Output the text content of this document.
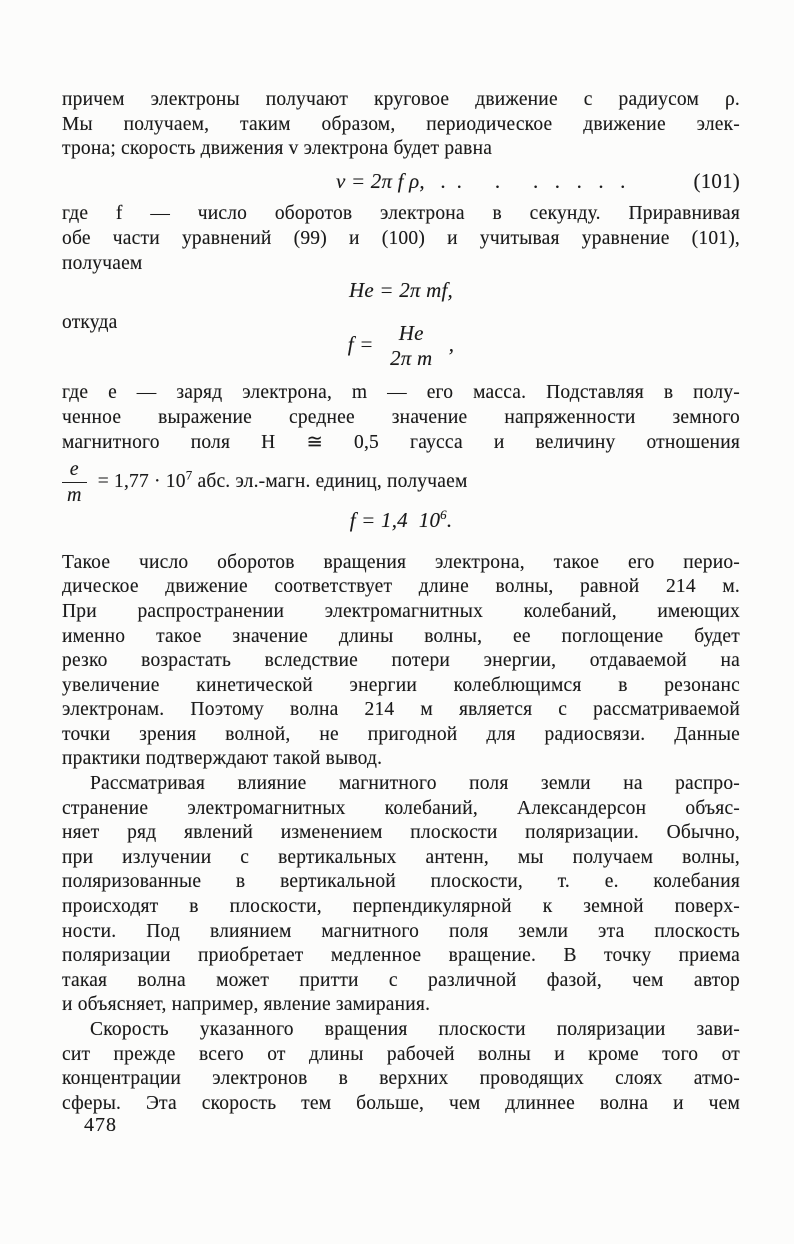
причем электроны получают круговое движение с радиусом ρ.
Мы получаем, таким образом, периодическое движение элек-
трона; скорость движения v электрона будет равна
v = 2π f ρ, .  .      .      .   .   .   .   .	(101)
где f — число оборотов электрона в секунду. Приравнивая
обе части уравнений (99) и (100) и учитывая уравнение (101),
получаем
He = 2π mf,
откуда
f = He
2π m
,
где e — заряд электрона, m — его масса. Подставляя в полу-
ченное выражение среднее значение напряженности земного
магнитного поля H ≅ 0,5 гаусса и величину отношения
$\frac{e}{m} = 1,77 \cdot 10^7$ абс. эл.-магн. единиц, получаем
f = 1,4  $10^6$.
Такое число оборотов вращения электрона, такое его перио-
дическое движение соответствует длине волны, равной 214 м.
При распространении электромагнитных колебаний, имеющих
именно такое значение длины волны, ее поглощение будет
резко возрастать вследствие потери энергии, отдаваемой на
увеличение кинетической энергии колеблющимся в резонанс
электронам. Поэтому волна 214 м является с рассматриваемой
точки зрения волной, не пригодной для радиосвязи. Данные
практики подтверждают такой вывод.
Рассматривая влияние магнитного поля земли на распро-
странение электромагнитных колебаний, Александерсон объяс-
няет ряд явлений изменением плоскости поляризации. Обычно,
при излучении с вертикальных антенн, мы получаем волны,
поляризованные в вертикальной плоскости, т. е. колебания
происходят в плоскости, перпендикулярной к земной поверх-
ности. Под влиянием магнитного поля земли эта плоскость
поляризации приобретает медленное вращение. В точку приема
такая волна может притти с различной фазой, чем автор
и объясняет, например, явление замирания.
Скорость указанного вращения плоскости поляризации зави-
сит прежде всего от длины рабочей волны и кроме того от
концентрации электронов в верхних проводящих слоях атмо-
сферы. Эта скорость тем больше, чем длиннее волна и чем
478
